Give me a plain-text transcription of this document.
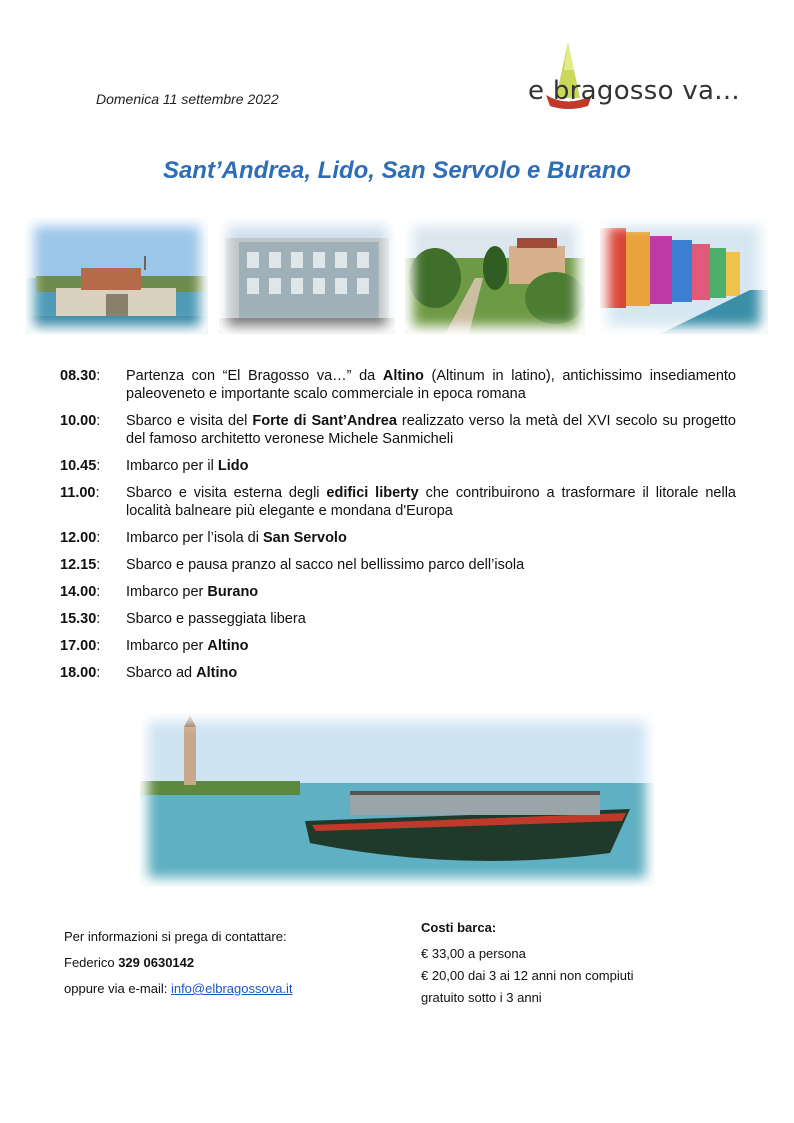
Domenica 11 settembre 2022	e bragosso va...
Sant’Andrea, Lido, San Servolo e Burano
08.30:	Partenza con “El Bragosso va…” da Altino (Altinum in latino), antichissimo insediamento paleoveneto e importante scalo commerciale in epoca romana
10.00:	Sbarco e visita del Forte di Sant’Andrea realizzato verso la metà del XVI secolo su progetto del famoso architetto veronese Michele Sanmicheli
10.45:	Imbarco per il Lido
11.00:	Sbarco e visita esterna degli edifici liberty che contribuirono a trasformare il litorale nella località balneare più elegante e mondana d'Europa
12.00:	Imbarco per l’isola di San Servolo
12.15:	Sbarco e pausa pranzo al sacco nel bellissimo parco dell’isola
14.00:	Imbarco per Burano
15.30:	Sbarco e passeggiata libera
17.00:	Imbarco per Altino
18.00:	Sbarco ad Altino
Per informazioni si prega di contattare:
Federico 329 0630142
oppure via e-mail: info@elbragossova.it
Costi barca:
€ 33,00 a persona
€ 20,00 dai 3 ai 12 anni non compiuti
gratuito sotto i 3 anni
